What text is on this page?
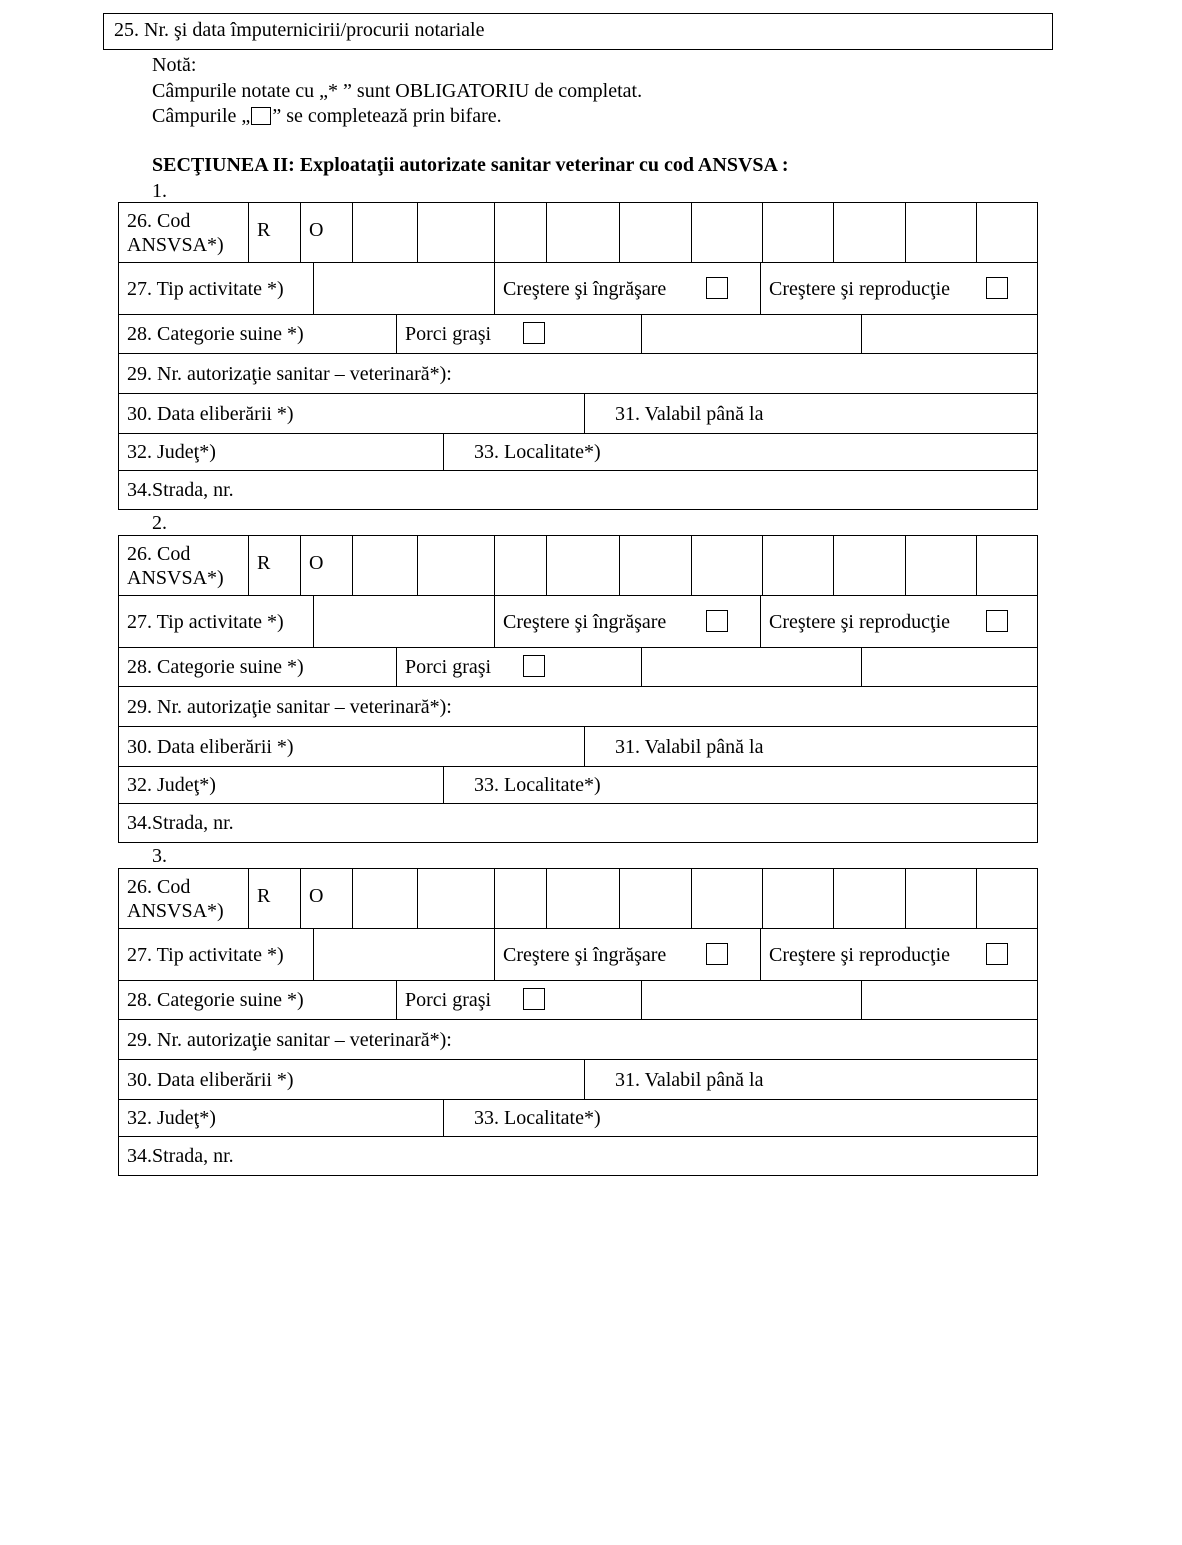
25. Nr. şi data împuternicirii/procurii notariale
Notă:
Câmpurile notate cu „* ” sunt OBLIGATORIU de completat.
Câmpurile „ ” se completează prin bifare.
SECŢIUNEA II: Exploataţii autorizate sanitar veterinar cu cod ANSVSA :
1.
26. Cod ANSVSA*)
R	O
27. Tip activitate *)	Creştere şi îngrăşare	Creştere şi reproducţie
28. Categorie suine *)	Porci graşi
29. Nr. autorizaţie sanitar – veterinară*):
30. Data eliberării *)	31. Valabil până la
32. Judeţ*)	33. Localitate*)
34.Strada, nr.
2.
26. Cod ANSVSA*)
R	O
27. Tip activitate *)	Creştere şi îngrăşare	Creştere şi reproducţie
28. Categorie suine *)	Porci graşi
29. Nr. autorizaţie sanitar – veterinară*):
30. Data eliberării *)	31. Valabil până la
32. Judeţ*)	33. Localitate*)
34.Strada, nr.
3.
26. Cod ANSVSA*)
R	O
27. Tip activitate *)	Creştere şi îngrăşare	Creştere şi reproducţie
28. Categorie suine *)	Porci graşi
29. Nr. autorizaţie sanitar – veterinară*):
30. Data eliberării *)	31. Valabil până la
32. Judeţ*)	33. Localitate*)
34.Strada, nr.
